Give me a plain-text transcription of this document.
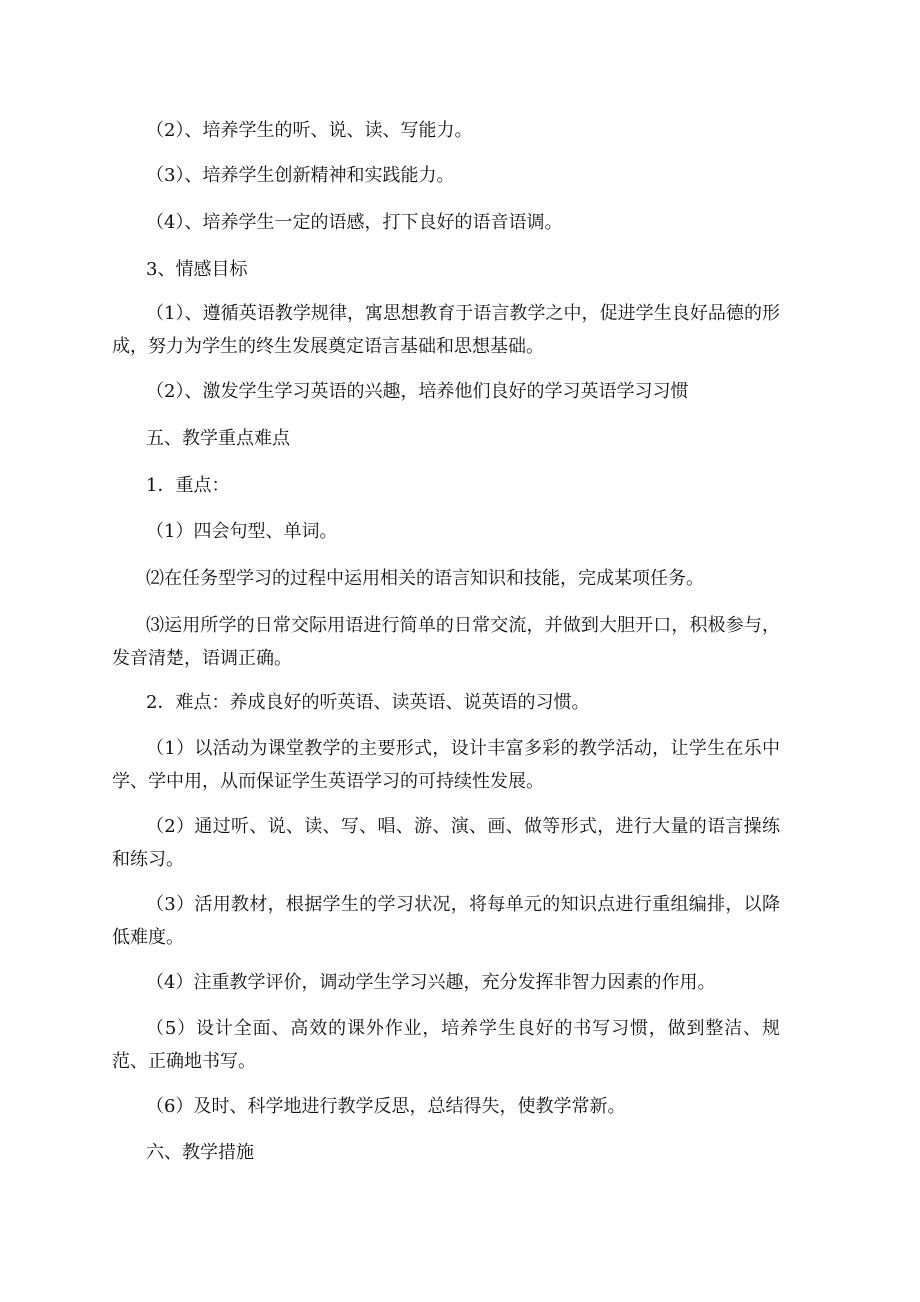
（2）、培养学生的听、说、读、写能力。

（3）、培养学生创新精神和实践能力。

（4）、培养学生一定的语感，打下良好的语音语调。

3、情感目标

（1）、遵循英语教学规律，寓思想教育于语言教学之中，促进学生良好品德的形成，努力为学生的终生发展奠定语言基础和思想基础。

（2）、激发学生学习英语的兴趣，培养他们良好的学习英语学习习惯

五、教学重点难点

1．重点：

（1）四会句型、单词。

⑵在任务型学习的过程中运用相关的语言知识和技能，完成某项任务。

⑶运用所学的日常交际用语进行简单的日常交流，并做到大胆开口，积极参与，发音清楚，语调正确。

2．难点：养成良好的听英语、读英语、说英语的习惯。

（1）以活动为课堂教学的主要形式，设计丰富多彩的教学活动，让学生在乐中学、学中用，从而保证学生英语学习的可持续性发展。

（2）通过听、说、读、写、唱、游、演、画、做等形式，进行大量的语言操练和练习。

（3）活用教材，根据学生的学习状况，将每单元的知识点进行重组编排，以降低难度。

（4）注重教学评价，调动学生学习兴趣，充分发挥非智力因素的作用。

（5）设计全面、高效的课外作业，培养学生良好的书写习惯，做到整洁、规范、正确地书写。

（6）及时、科学地进行教学反思，总结得失，使教学常新。

六、教学措施
